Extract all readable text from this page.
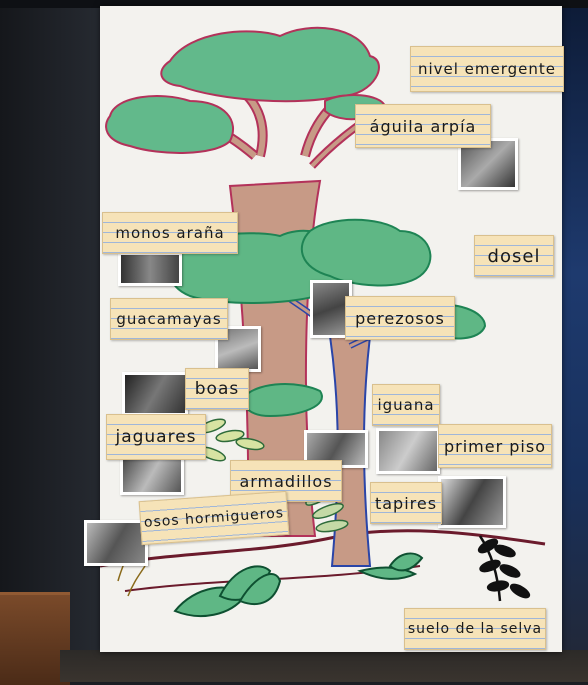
nivel emergente
águila arpía
monos araña
dosel
guacamayas	perezosos
boas
iguana
jaguares	primer piso
armadillos
tapires
osos hormigueros
suelo de la selva
